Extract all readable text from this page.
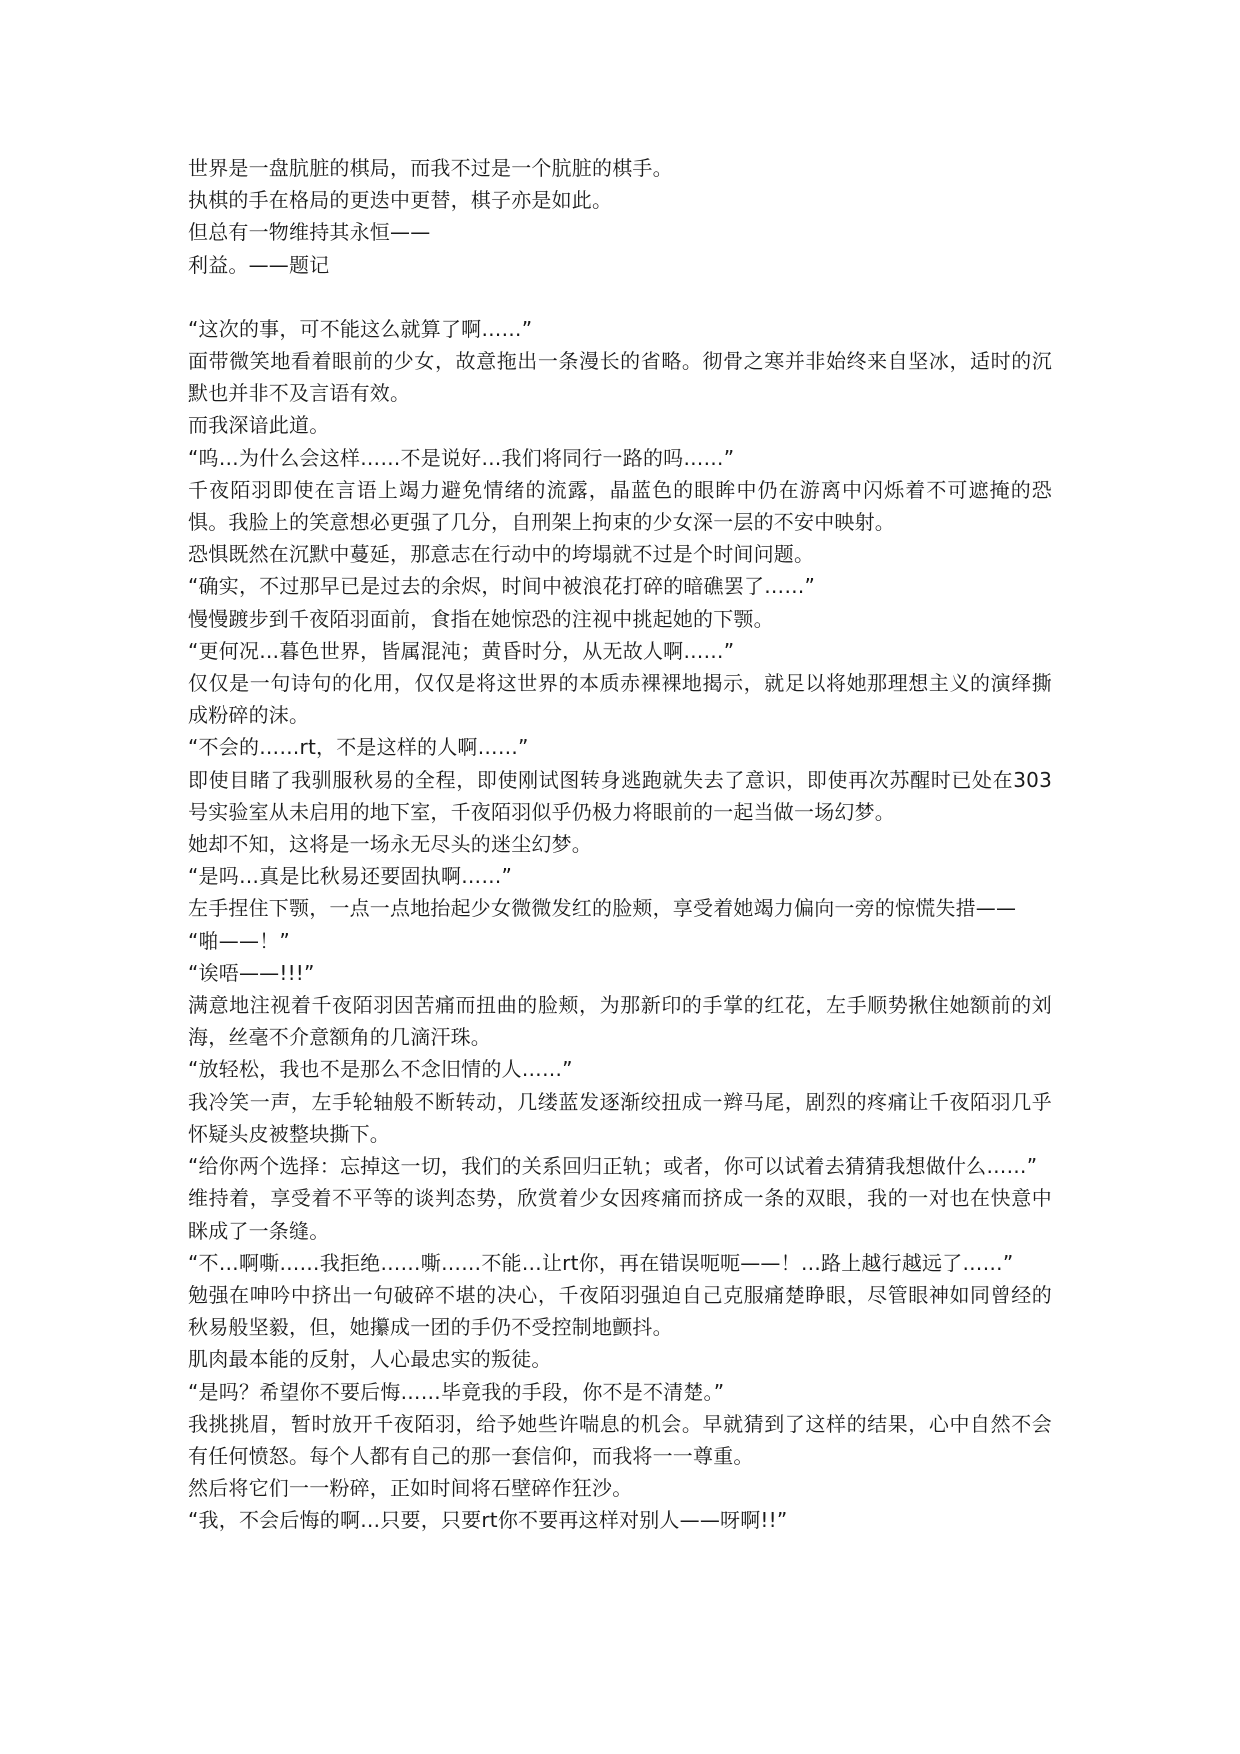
世界是一盘肮脏的棋局，而我不过是一个肮脏的棋手。

执棋的手在格局的更迭中更替，棋子亦是如此。

但总有一物维持其永恒——

利益。——题记

“这次的事，可不能这么就算了啊……”

面带微笑地看着眼前的少女，故意拖出一条漫长的省略。彻骨之寒并非始终来自坚冰，适时的沉默也并非不及言语有效。

而我深谙此道。

“呜…为什么会这样……不是说好…我们将同行一路的吗……”

千夜陌羽即使在言语上竭力避免情绪的流露，晶蓝色的眼眸中仍在游离中闪烁着不可遮掩的恐惧。我脸上的笑意想必更强了几分，自刑架上拘束的少女深一层的不安中映射。

恐惧既然在沉默中蔓延，那意志在行动中的垮塌就不过是个时间问题。

“确实，不过那早已是过去的余烬，时间中被浪花打碎的暗礁罢了……”

慢慢踱步到千夜陌羽面前，食指在她惊恐的注视中挑起她的下颚。

“更何况…暮色世界，皆属混沌；黄昏时分，从无故人啊……”

仅仅是一句诗句的化用，仅仅是将这世界的本质赤裸裸地揭示，就足以将她那理想主义的演绎撕成粉碎的沫。

“不会的……rt，不是这样的人啊……”

即使目睹了我驯服秋易的全程，即使刚试图转身逃跑就失去了意识，即使再次苏醒时已处在303号实验室从未启用的地下室，千夜陌羽似乎仍极力将眼前的一起当做一场幻梦。

她却不知，这将是一场永无尽头的迷尘幻梦。

“是吗…真是比秋易还要固执啊……”

左手捏住下颚，一点一点地抬起少女微微发红的脸颊，享受着她竭力偏向一旁的惊慌失措——

“啪——！”

“诶唔——!!!”

满意地注视着千夜陌羽因苦痛而扭曲的脸颊，为那新印的手掌的红花，左手顺势揪住她额前的刘海，丝毫不介意额角的几滴汗珠。

“放轻松，我也不是那么不念旧情的人……”

我冷笑一声，左手轮轴般不断转动，几缕蓝发逐渐绞扭成一辫马尾，剧烈的疼痛让千夜陌羽几乎怀疑头皮被整块撕下。

“给你两个选择：忘掉这一切，我们的关系回归正轨；或者，你可以试着去猜猜我想做什么……”

维持着，享受着不平等的谈判态势，欣赏着少女因疼痛而挤成一条的双眼，我的一对也在快意中眯成了一条缝。

“不…啊嘶……我拒绝……嘶……不能…让rt你，再在错误呃呃——！…路上越行越远了……”

勉强在呻吟中挤出一句破碎不堪的决心，千夜陌羽强迫自己克服痛楚睁眼，尽管眼神如同曾经的秋易般坚毅，但，她攥成一团的手仍不受控制地颤抖。

肌肉最本能的反射，人心最忠实的叛徒。

“是吗？希望你不要后悔……毕竟我的手段，你不是不清楚。”

我挑挑眉，暂时放开千夜陌羽，给予她些许喘息的机会。早就猜到了这样的结果，心中自然不会有任何愤怒。每个人都有自己的那一套信仰，而我将一一尊重。

然后将它们一一粉碎，正如时间将石壁碎作狂沙。

“我，不会后悔的啊…只要，只要rt你不要再这样对别人——呀啊!!”
